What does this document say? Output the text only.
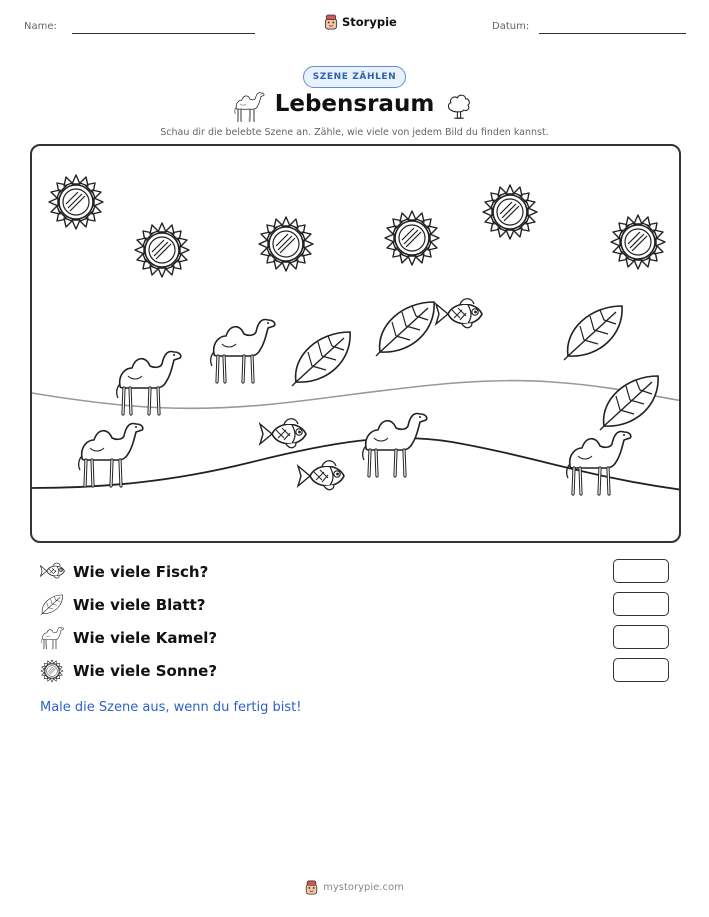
Name:	Storypie	Datum:
SZENE ZÄHLEN
Lebensraum
Schau dir die belebte Szene an. Zähle, wie viele von jedem Bild du finden kannst.
Wie viele Fisch?
Wie viele Blatt?
Wie viele Kamel?
Wie viele Sonne?
Male die Szene aus, wenn du fertig bist!
mystorypie.com
